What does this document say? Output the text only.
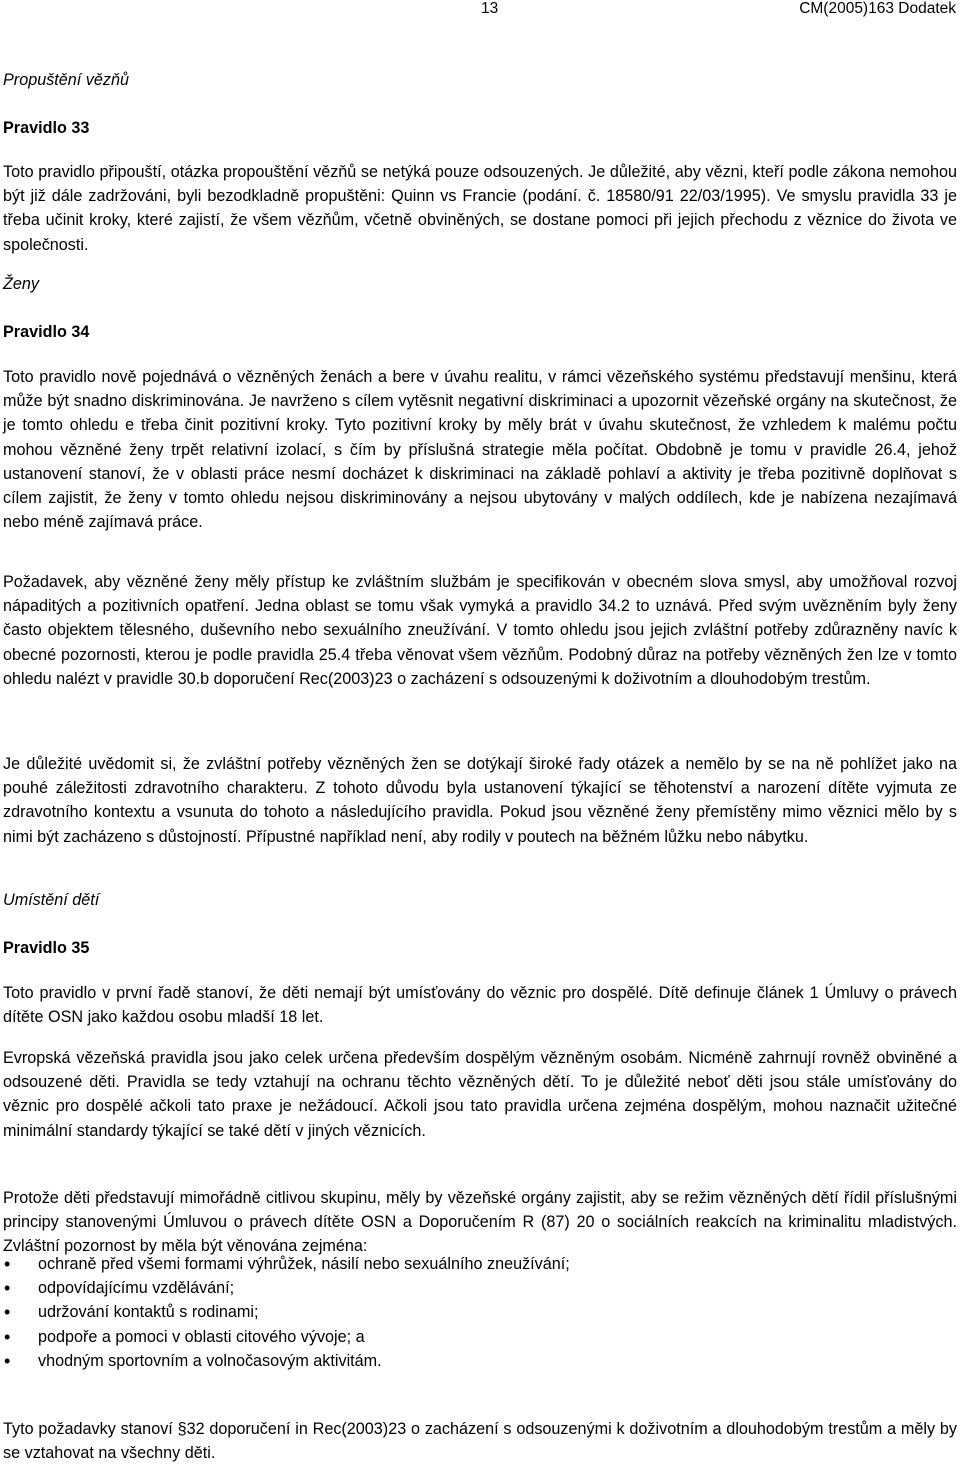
13	CM(2005)163 Dodatek
Propuštění vězňů
Pravidlo 33
Toto pravidlo připouští, otázka propouštění vězňů se netýká pouze odsouzených. Je důležité, aby vězni, kteří podle zákona nemohou být již dále zadržováni, byli bezodkladně propuštěni: Quinn vs Francie (podání. č. 18580/91 22/03/1995). Ve smyslu pravidla 33 je třeba učinit kroky, které zajistí, že všem vězňům, včetně obviněných, se dostane pomoci při jejich přechodu z věznice do života ve společnosti.
Ženy
Pravidlo 34
Toto pravidlo nově pojednává o vězněných ženách a bere v úvahu realitu, v rámci vězeňského systému představují menšinu, která může být snadno diskriminována. Je navrženo s cílem vytěsnit negativní diskriminaci a upozornit vězeňské orgány na skutečnost, že je tomto ohledu e třeba činit pozitivní kroky. Tyto pozitivní kroky by měly brát v úvahu skutečnost, že vzhledem k malému počtu mohou vězněné ženy trpět relativní izolací, s čím by příslušná strategie měla počítat. Obdobně je tomu v pravidle 26.4, jehož ustanovení stanoví, že v oblasti práce nesmí docházet k diskriminaci na základě pohlaví a aktivity je třeba pozitivně doplňovat s cílem zajistit, že ženy v tomto ohledu nejsou diskriminovány a nejsou ubytovány v malých oddílech, kde je nabízena nezajímavá nebo méně zajímavá práce.
Požadavek, aby vězněné ženy měly přístup ke zvláštním službám je specifikován v obecném slova smysl, aby umožňoval rozvoj nápaditých a pozitivních opatření. Jedna oblast se tomu však vymyká a pravidlo 34.2 to uznává. Před svým uvězněním byly ženy často objektem tělesného, duševního nebo sexuálního zneužívání. V tomto ohledu jsou jejich zvláštní potřeby zdůrazněny navíc k obecné pozornosti, kterou je podle pravidla 25.4 třeba věnovat všem vězňům. Podobný důraz na potřeby vězněných žen lze v tomto ohledu nalézt v pravidle 30.b doporučení Rec(2003)23 o zacházení s odsouzenými k doživotním a dlouhodobým trestům.
Je důležité uvědomit si, že zvláštní potřeby vězněných žen se dotýkají široké řady otázek a nemělo by se na ně pohlížet jako na pouhé záležitosti zdravotního charakteru. Z tohoto důvodu byla ustanovení týkající se těhotenství a narození dítěte vyjmuta ze zdravotního kontextu a vsunuta do tohoto a následujícího pravidla. Pokud jsou vězněné ženy přemístěny mimo věznici mělo by s nimi být zacházeno s důstojností. Přípustné například není, aby rodily v poutech na běžném lůžku nebo nábytku.
Umístění dětí
Pravidlo 35
Toto pravidlo v první řadě stanoví, že děti nemají být umísťovány do věznic pro dospělé. Dítě definuje článek 1 Úmluvy o právech dítěte OSN jako každou osobu mladší 18 let.
Evropská vězeňská pravidla jsou jako celek určena především dospělým vězněným osobám. Nicméně zahrnují rovněž obviněné a odsouzené děti. Pravidla se tedy vztahují na ochranu těchto vězněných dětí. To je důležité neboť děti jsou stále umísťovány do věznic pro dospělé ačkoli tato praxe je nežádoucí. Ačkoli jsou tato pravidla určena zejména dospělým, mohou naznačit užitečné minimální standardy týkající se také dětí v jiných věznicích.
Protože děti představují mimořádně citlivou skupinu, měly by vězeňské orgány zajistit, aby se režim vězněných dětí řídil příslušnými principy stanovenými Úmluvou o právech dítěte OSN a Doporučením R (87) 20 o sociálních reakcích na kriminalitu mladistvých. Zvláštní pozornost by měla být věnována zejména:
• ochraně před všemi formami výhrůžek, násilí nebo sexuálního zneužívání;
• odpovídajícímu vzdělávání;
• udržování kontaktů s rodinami;
• podpoře a pomoci v oblasti citového vývoje; a
• vhodným sportovním a volnočasovým aktivitám.
Tyto požadavky stanoví §32 doporučení in Rec(2003)23 o zacházení s odsouzenými k doživotním a dlouhodobým trestům a měly by se vztahovat na všechny děti.
